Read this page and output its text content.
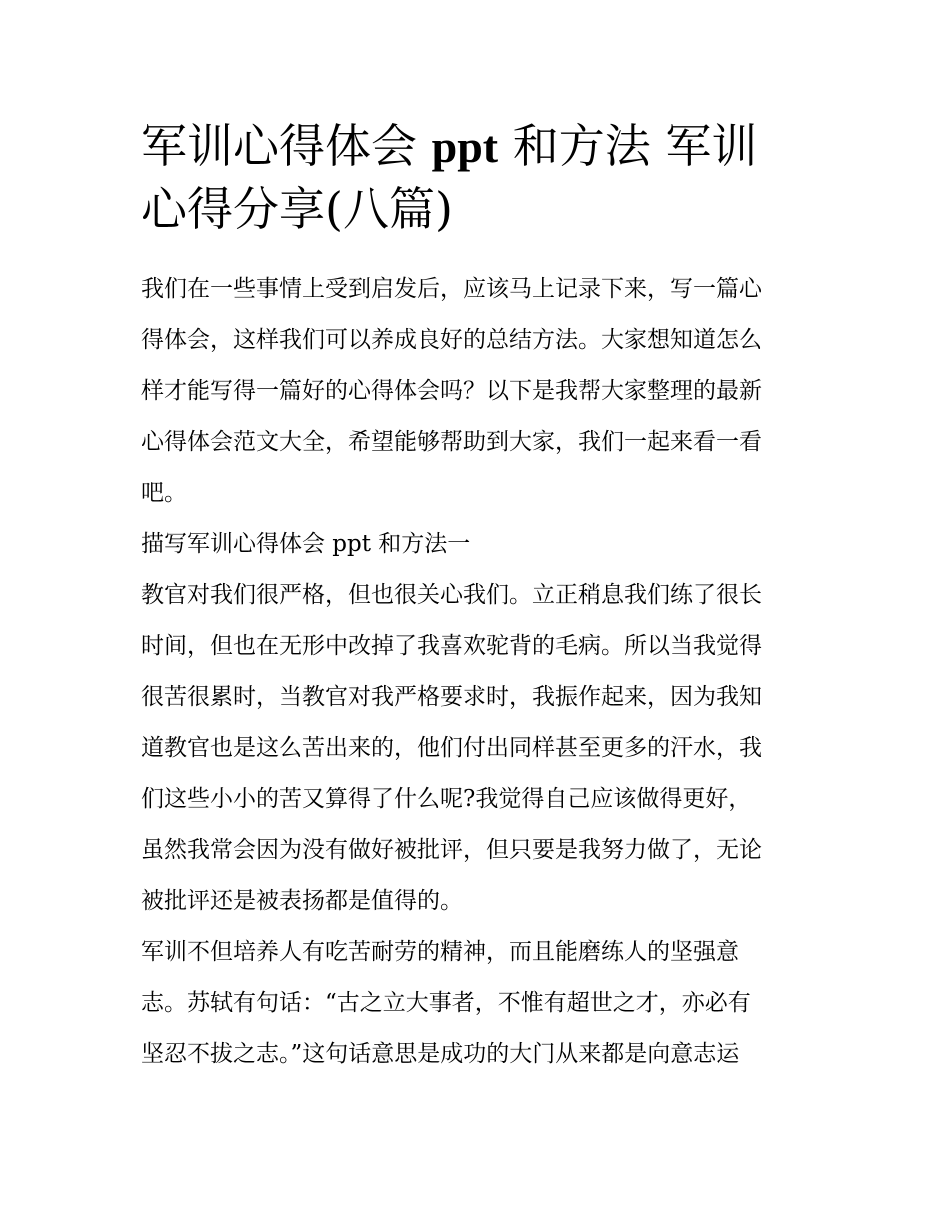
军训心得体会 ppt 和方法 军训
心得分享(八篇)
我们在一些事情上受到启发后，应该马上记录下来，写一篇心
得体会，这样我们可以养成良好的总结方法。大家想知道怎么
样才能写得一篇好的心得体会吗？以下是我帮大家整理的最新
心得体会范文大全，希望能够帮助到大家，我们一起来看一看
吧。
描写军训心得体会 ppt 和方法一
教官对我们很严格，但也很关心我们。立正稍息我们练了很长
时间，但也在无形中改掉了我喜欢驼背的毛病。所以当我觉得
很苦很累时，当教官对我严格要求时，我振作起来，因为我知
道教官也是这么苦出来的，他们付出同样甚至更多的汗水，我
们这些小小的苦又算得了什么呢?我觉得自己应该做得更好，
虽然我常会因为没有做好被批评，但只要是我努力做了，无论
被批评还是被表扬都是值得的。
军训不但培养人有吃苦耐劳的精神，而且能磨练人的坚强意
志。苏轼有句话：“古之立大事者，不惟有超世之才，亦必有
坚忍不拔之志。”这句话意思是成功的大门从来都是向意志运
